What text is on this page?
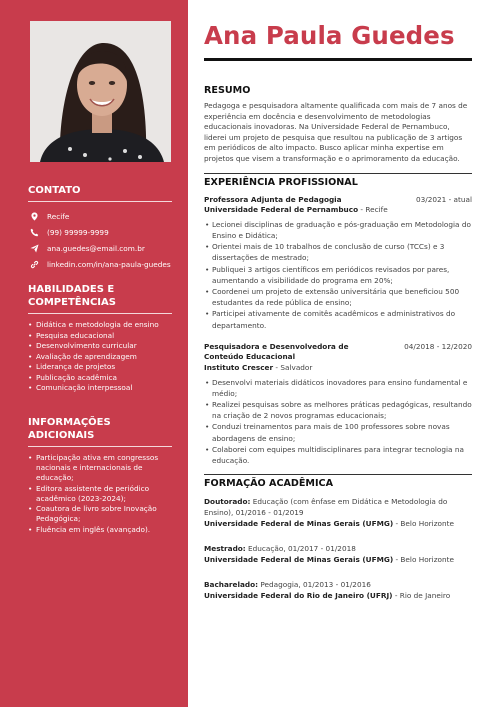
CONTATO
Recife
(99) 99999-9999
ana.guedes@email.com.br
linkedin.com/in/ana-paula-guedes
HABILIDADES E COMPETÊNCIAS
• Didática e metodologia de ensino
• Pesquisa educacional
• Desenvolvimento curricular
• Avaliação de aprendizagem
• Liderança de projetos
• Publicação acadêmica
• Comunicação interpessoal
INFORMAÇÕES ADICIONAIS
• Participação ativa em congressos nacionais e internacionais de educação;
• Editora assistente de periódico acadêmico (2023-2024);
• Coautora de livro sobre Inovação Pedagógica;
• Fluência em inglês (avançado).
Ana Paula Guedes
RESUMO
Pedagoga e pesquisadora altamente qualificada com mais de 7 anos de experiência em docência e desenvolvimento de metodologias educacionais inovadoras. Na Universidade Federal de Pernambuco, liderei um projeto de pesquisa que resultou na publicação de 3 artigos em periódicos de alto impacto. Busco aplicar minha expertise em projetos que visem a transformação e o aprimoramento da educação.
EXPERIÊNCIA PROFISSIONAL
Professora Adjunta de Pedagogia	03/2021 - atual
Universidade Federal de Pernambuco - Recife
• Lecionei disciplinas de graduação e pós-graduação em Metodologia do Ensino e Didática;
• Orientei mais de 10 trabalhos de conclusão de curso (TCCs) e 3 dissertações de mestrado;
• Publiquei 3 artigos científicos em periódicos revisados por pares, aumentando a visibilidade do programa em 20%;
• Coordenei um projeto de extensão universitária que beneficiou 500 estudantes da rede pública de ensino;
• Participei ativamente de comitês acadêmicos e administrativos do departamento.
Pesquisadora e Desenvolvedora de Conteúdo Educacional
04/2018 - 12/2020
Instituto Crescer - Salvador
• Desenvolvi materiais didáticos inovadores para ensino fundamental e médio;
• Realizei pesquisas sobre as melhores práticas pedagógicas, resultando na criação de 2 novos programas educacionais;
• Conduzi treinamentos para mais de 100 professores sobre novas abordagens de ensino;
• Colaborei com equipes multidisciplinares para integrar tecnologia na educação.
FORMAÇÃO ACADÊMICA
Doutorado: Educação (com ênfase em Didática e Metodologia do Ensino), 01/2016 - 01/2019
Universidade Federal de Minas Gerais (UFMG) - Belo Horizonte
Mestrado: Educação, 01/2017 - 01/2018
Universidade Federal de Minas Gerais (UFMG) - Belo Horizonte
Bacharelado: Pedagogia, 01/2013 - 01/2016
Universidade Federal do Rio de Janeiro (UFRJ) - Rio de Janeiro
